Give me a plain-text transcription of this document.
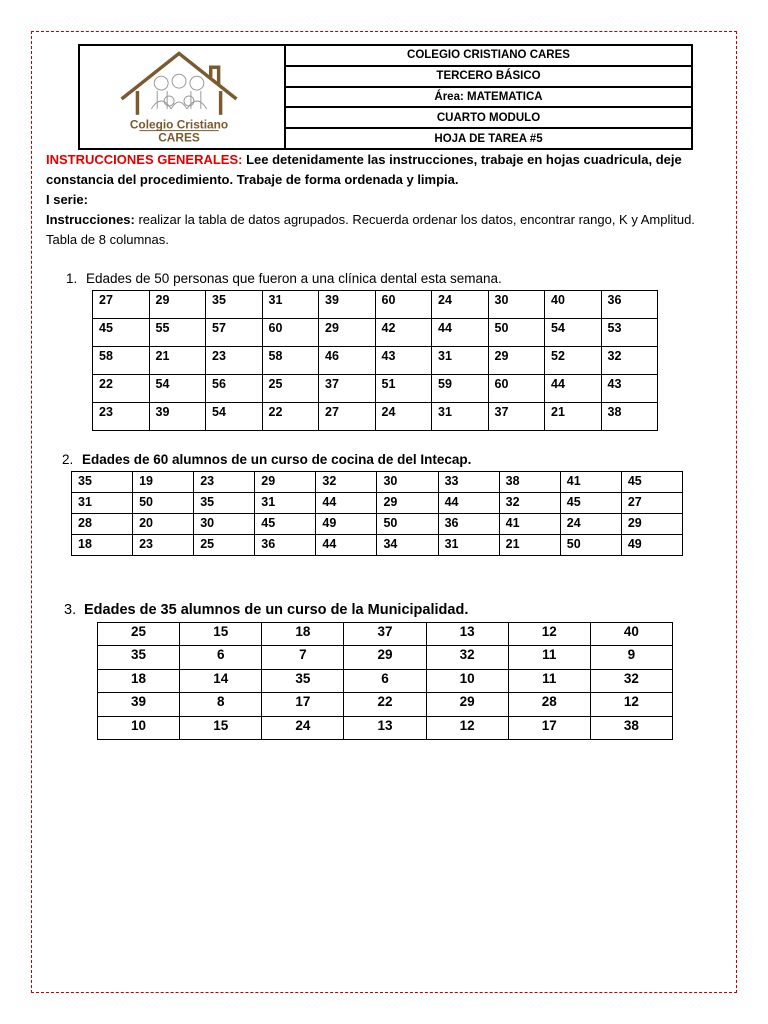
Colegio Cristiano
CARES
	COLEGIO CRISTIANO CARES
TERCERO BÁSICO
Área: MATEMATICA
CUARTO MODULO
HOJA DE TAREA #5

INSTRUCCIONES GENERALES: Lee detenidamente las instrucciones, trabaje en hojas cuadricula, deje constancia del procedimiento. Trabaje de forma ordenada y limpia.

I serie:

Instrucciones: realizar la tabla de datos agrupados. Recuerda ordenar los datos, encontrar rango, K y Amplitud. Tabla de 8 columnas.

1. Edades de 50 personas que fueron a una clínica dental esta semana.
27	29	35	31	39	60	24	30	40	36
45	55	57	60	29	42	44	50	54	53
58	21	23	58	46	43	31	29	52	32
22	54	56	25	37	51	59	60	44	43
23	39	54	22	27	24	31	37	21	38
2. Edades de 60 alumnos de un curso de cocina de del Intecap.
35	19	23	29	32	30	33	38	41	45
31	50	35	31	44	29	44	32	45	27
28	20	30	45	49	50	36	41	24	29
18	23	25	36	44	34	31	21	50	49
3. Edades de 35 alumnos de un curso de la Municipalidad.
25	15	18	37	13	12	40
35	6	7	29	32	11	9
18	14	35	6	10	11	32
39	8	17	22	29	28	12
10	15	24	13	12	17	38
